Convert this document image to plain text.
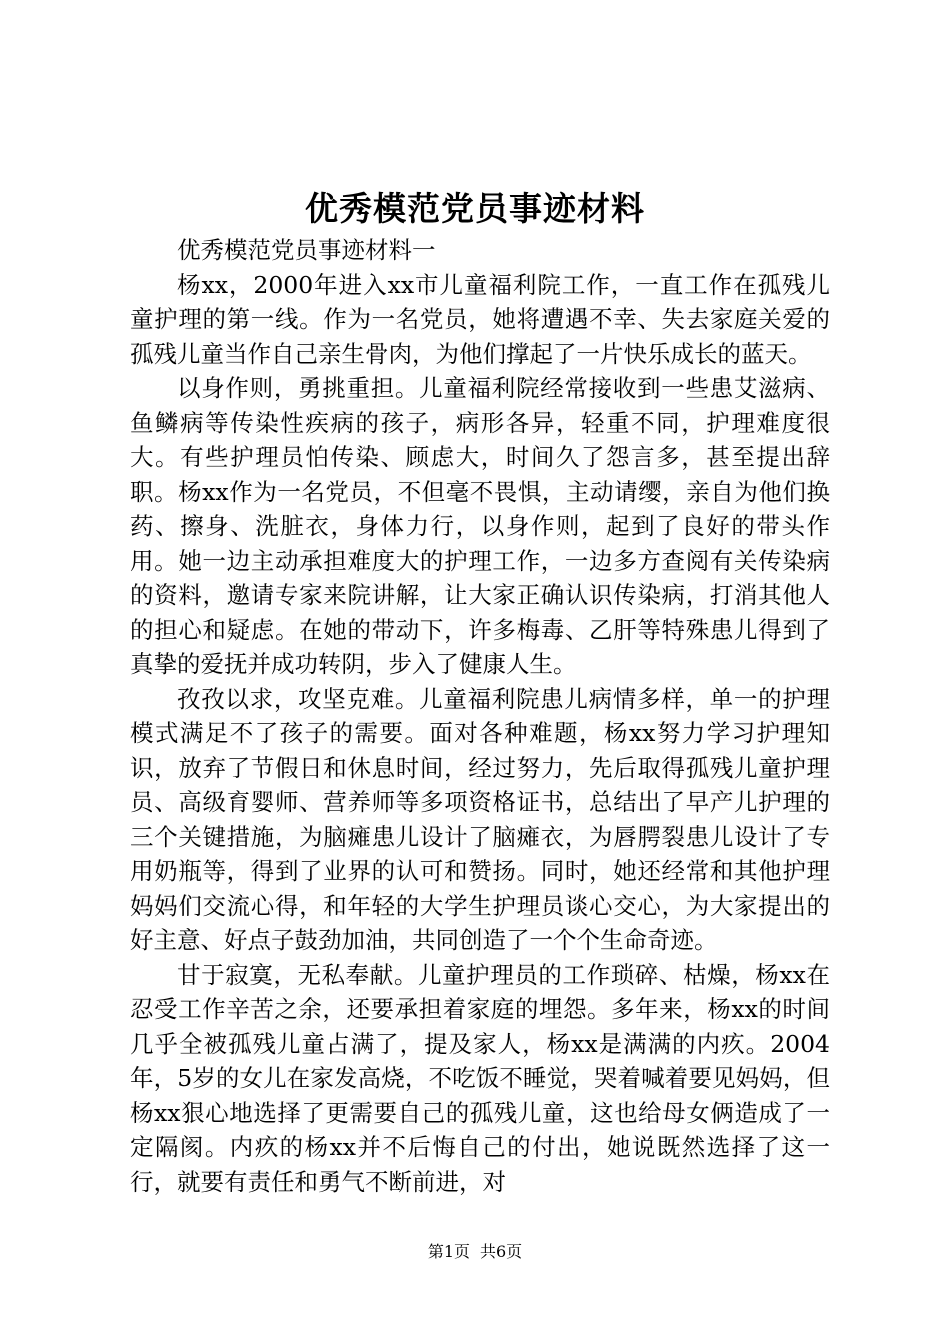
优秀模范党员事迹材料

优秀模范党员事迹材料一

杨xx，2000年进入xx市儿童福利院工作，一直工作在孤残儿童护理的第一线。作为一名党员，她将遭遇不幸、失去家庭关爱的孤残儿童当作自己亲生骨肉，为他们撑起了一片快乐成长的蓝天。

以身作则，勇挑重担。儿童福利院经常接收到一些患艾滋病、鱼鳞病等传染性疾病的孩子，病形各异，轻重不同，护理难度很大。有些护理员怕传染、顾虑大，时间久了怨言多，甚至提出辞职。杨xx作为一名党员，不但毫不畏惧，主动请缨，亲自为他们换药、擦身、洗脏衣，身体力行，以身作则，起到了良好的带头作用。她一边主动承担难度大的护理工作，一边多方查阅有关传染病的资料，邀请专家来院讲解，让大家正确认识传染病，打消其他人的担心和疑虑。在她的带动下，许多梅毒、乙肝等特殊患儿得到了真挚的爱抚并成功转阴，步入了健康人生。

孜孜以求，攻坚克难。儿童福利院患儿病情多样，单一的护理模式满足不了孩子的需要。面对各种难题，杨xx努力学习护理知识，放弃了节假日和休息时间，经过努力，先后取得孤残儿童护理员、高级育婴师、营养师等多项资格证书，总结出了早产儿护理的三个关键措施，为脑瘫患儿设计了脑瘫衣，为唇腭裂患儿设计了专用奶瓶等，得到了业界的认可和赞扬。同时，她还经常和其他护理妈妈们交流心得，和年轻的大学生护理员谈心交心，为大家提出的好主意、好点子鼓劲加油，共同创造了一个个生命奇迹。

甘于寂寞，无私奉献。儿童护理员的工作琐碎、枯燥，杨xx在忍受工作辛苦之余，还要承担着家庭的埋怨。多年来，杨xx的时间几乎全被孤残儿童占满了，提及家人，杨xx是满满的内疚。2004年，5岁的女儿在家发高烧，不吃饭不睡觉，哭着喊着要见妈妈，但杨xx狠心地选择了更需要自己的孤残儿童，这也给母女俩造成了一定隔阂。内疚的杨xx并不后悔自己的付出，她说既然选择了这一行，就要有责任和勇气不断前进，对

第1页 共6页
